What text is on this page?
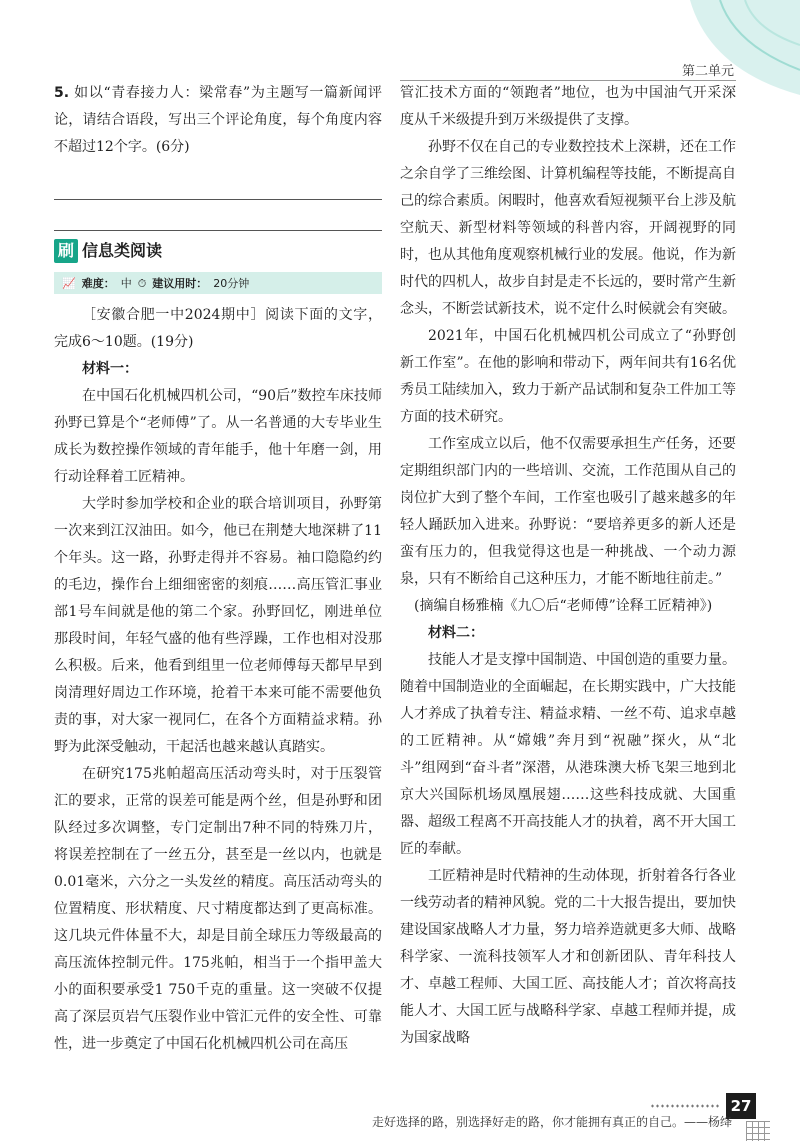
第二单元

5. 如以“青春接力人：梁常春”为主题写一篇新闻评论，请结合语段，写出三个评论角度，每个角度内容不超过12个字。(6分)

刷 信息类阅读
📈 难度： 中 ⏱ 建议用时： 20分钟

［安徽合肥一中2024期中］阅读下面的文字，完成6～10题。(19分)

材料一：

在中国石化机械四机公司，“90后”数控车床技师孙野已算是个“老师傅”了。从一名普通的大专毕业生成长为数控操作领域的青年能手，他十年磨一剑，用行动诠释着工匠精神。

大学时参加学校和企业的联合培训项目，孙野第一次来到江汉油田。如今，他已在荆楚大地深耕了11个年头。这一路，孙野走得并不容易。袖口隐隐约约的毛边，操作台上细细密密的刻痕……高压管汇事业部1号车间就是他的第二个家。孙野回忆，刚进单位那段时间，年轻气盛的他有些浮躁，工作也相对没那么积极。后来，他看到组里一位老师傅每天都早早到岗清理好周边工作环境，抢着干本来可能不需要他负责的事，对大家一视同仁，在各个方面精益求精。孙野为此深受触动，干起活也越来越认真踏实。

在研究175兆帕超高压活动弯头时，对于压裂管汇的要求，正常的误差可能是两个丝，但是孙野和团队经过多次调整，专门定制出7种不同的特殊刀片，将误差控制在了一丝五分，甚至是一丝以内，也就是0.01毫米，六分之一头发丝的精度。高压活动弯头的位置精度、形状精度、尺寸精度都达到了更高标准。这几块元件体量不大，却是目前全球压力等级最高的高压流体控制元件。175兆帕，相当于一个指甲盖大小的面积要承受1 750千克的重量。这一突破不仅提高了深层页岩气压裂作业中管汇元件的安全性、可靠性，进一步奠定了中国石化机械四机公司在高压

管汇技术方面的“领跑者”地位，也为中国油气开采深度从千米级提升到万米级提供了支撑。

孙野不仅在自己的专业数控技术上深耕，还在工作之余自学了三维绘图、计算机编程等技能，不断提高自己的综合素质。闲暇时，他喜欢看短视频平台上涉及航空航天、新型材料等领域的科普内容，开阔视野的同时，也从其他角度观察机械行业的发展。他说，作为新时代的四机人，故步自封是走不长远的，要时常产生新念头，不断尝试新技术，说不定什么时候就会有突破。

2021年，中国石化机械四机公司成立了“孙野创新工作室”。在他的影响和带动下，两年间共有16名优秀员工陆续加入，致力于新产品试制和复杂工件加工等方面的技术研究。

工作室成立以后，他不仅需要承担生产任务，还要定期组织部门内的一些培训、交流，工作范围从自己的岗位扩大到了整个车间，工作室也吸引了越来越多的年轻人踊跃加入进来。孙野说：“要培养更多的新人还是蛮有压力的，但我觉得这也是一种挑战、一个动力源泉，只有不断给自己这种压力，才能不断地往前走。”

(摘编自杨雅楠《九〇后“老师傅”诠释工匠精神》)

材料二：

技能人才是支撑中国制造、中国创造的重要力量。随着中国制造业的全面崛起，在长期实践中，广大技能人才养成了执着专注、精益求精、一丝不苟、追求卓越的工匠精神。从“嫦娥”奔月到“祝融”探火，从“北斗”组网到“奋斗者”深潜，从港珠澳大桥飞架三地到北京大兴国际机场凤凰展翅……这些科技成就、大国重器、超级工程离不开高技能人才的执着，离不开大国工匠的奉献。

工匠精神是时代精神的生动体现，折射着各行各业一线劳动者的精神风貌。党的二十大报告提出，要加快建设国家战略人才力量，努力培养造就更多大师、战略科学家、一流科技领军人才和创新团队、青年科技人才、卓越工程师、大国工匠、高技能人才；首次将高技能人才、大国工匠与战略科学家、卓越工程师并提，成为国家战略

27
走好选择的路，别选择好走的路，你才能拥有真正的自己。——杨绛
